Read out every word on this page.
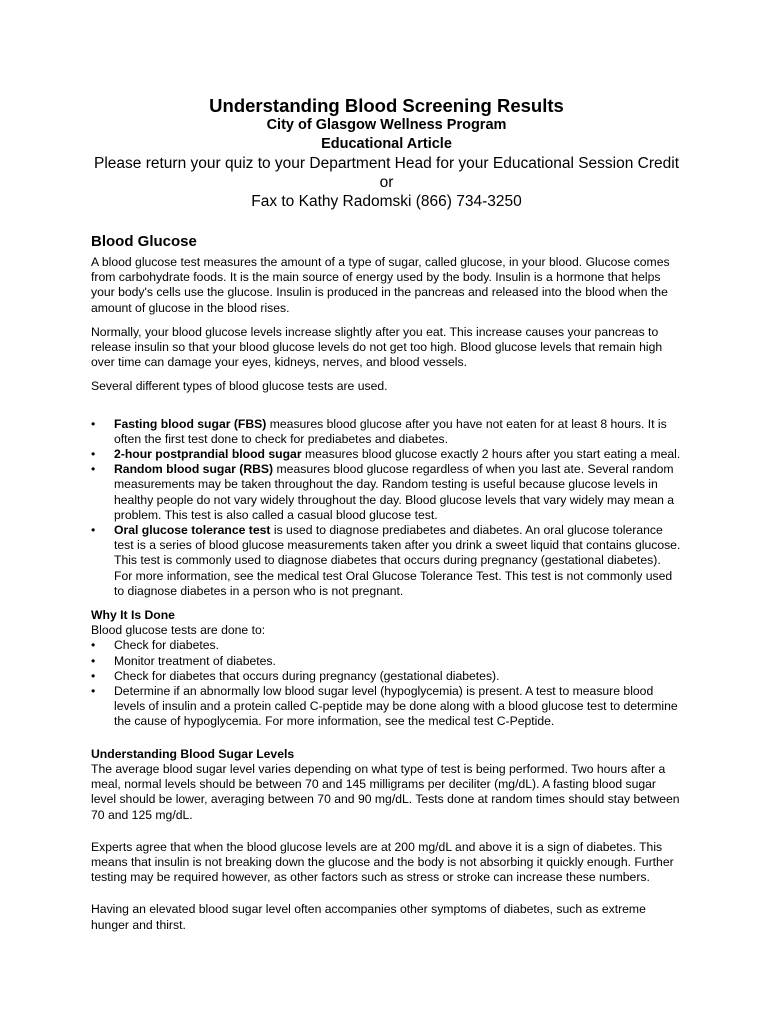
Understanding Blood Screening Results
City of Glasgow Wellness Program
Educational Article
Please return your quiz to your Department Head for your Educational Session Credit or
Fax to Kathy Radomski (866) 734-3250
Blood Glucose

A blood glucose test measures the amount of a type of sugar, called glucose, in your blood. Glucose comes from carbohydrate foods. It is the main source of energy used by the body. Insulin is a hormone that helps your body's cells use the glucose. Insulin is produced in the pancreas and released into the blood when the amount of glucose in the blood rises.

Normally, your blood glucose levels increase slightly after you eat. This increase causes your pancreas to release insulin so that your blood glucose levels do not get too high. Blood glucose levels that remain high over time can damage your eyes, kidneys, nerves, and blood vessels.

Several different types of blood glucose tests are used.

• Fasting blood sugar (FBS) measures blood glucose after you have not eaten for at least 8 hours. It is often the first test done to check for prediabetes and diabetes.
• 2-hour postprandial blood sugar measures blood glucose exactly 2 hours after you start eating a meal.
• Random blood sugar (RBS) measures blood glucose regardless of when you last ate. Several random measurements may be taken throughout the day. Random testing is useful because glucose levels in healthy people do not vary widely throughout the day. Blood glucose levels that vary widely may mean a problem. This test is also called a casual blood glucose test.
• Oral glucose tolerance test is used to diagnose prediabetes and diabetes. An oral glucose tolerance test is a series of blood glucose measurements taken after you drink a sweet liquid that contains glucose. This test is commonly used to diagnose diabetes that occurs during pregnancy (gestational diabetes). For more information, see the medical test Oral Glucose Tolerance Test. This test is not commonly used to diagnose diabetes in a person who is not pregnant.
Why It Is Done

Blood glucose tests are done to:

• Check for diabetes.
• Monitor treatment of diabetes.
• Check for diabetes that occurs during pregnancy (gestational diabetes).
• Determine if an abnormally low blood sugar level (hypoglycemia) is present. A test to measure blood levels of insulin and a protein called C-peptide may be done along with a blood glucose test to determine the cause of hypoglycemia. For more information, see the medical test C-Peptide.
Understanding Blood Sugar Levels

The average blood sugar level varies depending on what type of test is being performed. Two hours after a meal, normal levels should be between 70 and 145 milligrams per deciliter (mg/dL). A fasting blood sugar level should be lower, averaging between 70 and 90 mg/dL. Tests done at random times should stay between 70 and 125 mg/dL.

Experts agree that when the blood glucose levels are at 200 mg/dL and above it is a sign of diabetes. This means that insulin is not breaking down the glucose and the body is not absorbing it quickly enough. Further testing may be required however, as other factors such as stress or stroke can increase these numbers.

Having an elevated blood sugar level often accompanies other symptoms of diabetes, such as extreme hunger and thirst.
